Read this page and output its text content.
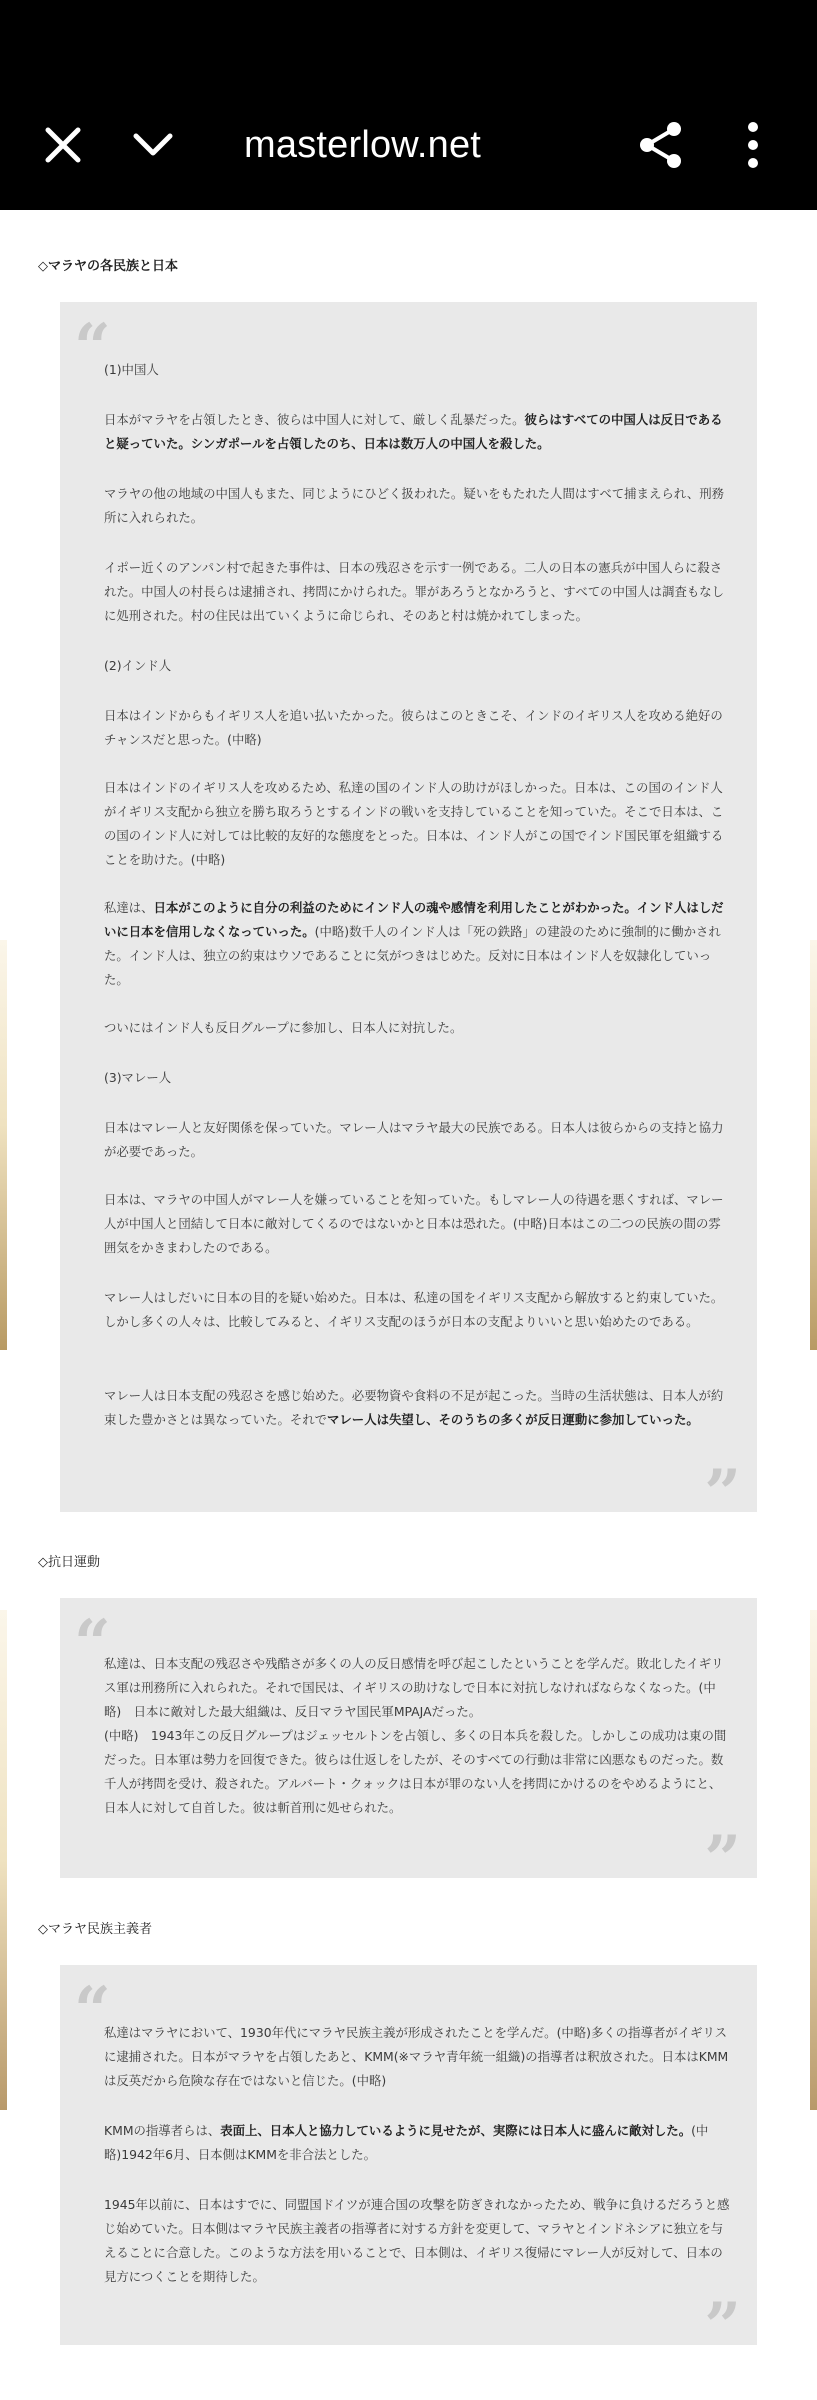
masterlow.net
◇マラヤの各民族と日本
“

(1)中国人

日本がマラヤを占領したとき、彼らは中国人に対して、厳しく乱暴だった。彼らはすべての中国人は反日であると疑っていた。シンガポールを占領したのち、日本は数万人の中国人を殺した。

マラヤの他の地域の中国人もまた、同じようにひどく扱われた。疑いをもたれた人間はすべて捕まえられ、刑務所に入れられた。

イポー近くのアンパン村で起きた事件は、日本の残忍さを示す一例である。二人の日本の憲兵が中国人らに殺された。中国人の村長らは逮捕され、拷問にかけられた。罪があろうとなかろうと、すべての中国人は調査もなしに処刑された。村の住民は出ていくように命じられ、そのあと村は焼かれてしまった。

(2)インド人

日本はインドからもイギリス人を追い払いたかった。彼らはこのときこそ、インドのイギリス人を攻める絶好のチャンスだと思った。(中略)

日本はインドのイギリス人を攻めるため、私達の国のインド人の助けがほしかった。日本は、この国のインド人がイギリス支配から独立を勝ち取ろうとするインドの戦いを支持していることを知っていた。そこで日本は、この国のインド人に対しては比較的友好的な態度をとった。日本は、インド人がこの国でインド国民軍を組織することを助けた。(中略)

私達は、日本がこのように自分の利益のためにインド人の魂や感情を利用したことがわかった。インド人はしだいに日本を信用しなくなっていった。(中略)数千人のインド人は「死の鉄路」の建設のために強制的に働かされた。インド人は、独立の約束はウソであることに気がつきはじめた。反対に日本はインド人を奴隷化していった。

ついにはインド人も反日グループに参加し、日本人に対抗した。

(3)マレー人

日本はマレー人と友好関係を保っていた。マレー人はマラヤ最大の民族である。日本人は彼らからの支持と協力が必要であった。

日本は、マラヤの中国人がマレー人を嫌っていることを知っていた。もしマレー人の待遇を悪くすれば、マレー人が中国人と団結して日本に敵対してくるのではないかと日本は恐れた。(中略)日本はこの二つの民族の間の雰囲気をかきまわしたのである。

マレー人はしだいに日本の目的を疑い始めた。日本は、私達の国をイギリス支配から解放すると約束していた。しかし多くの人々は、比較してみると、イギリス支配のほうが日本の支配よりいいと思い始めたのである。

マレー人は日本支配の残忍さを感じ始めた。必要物資や食料の不足が起こった。当時の生活状態は、日本人が約束した豊かさとは異なっていた。それでマレー人は失望し、そのうちの多くが反日運動に参加していった。

”
◇抗日運動
“

私達は、日本支配の残忍さや残酷さが多くの人の反日感情を呼び起こしたということを学んだ。敗北したイギリス軍は刑務所に入れられた。それで国民は、イギリスの助けなしで日本に対抗しなければならなくなった。(中略)　日本に敵対した最大組織は、反日マラヤ国民軍MPAJAだった。

(中略)　1943年この反日グループはジェッセルトンを占領し、多くの日本兵を殺した。しかしこの成功は東の間だった。日本軍は勢力を回復できた。彼らは仕返しをしたが、そのすべての行動は非常に凶悪なものだった。数千人が拷問を受け、殺された。アルバート・クォックは日本が罪のない人を拷問にかけるのをやめるようにと、日本人に対して自首した。彼は斬首刑に処せられた。

”
◇マラヤ民族主義者
“

私達はマラヤにおいて、1930年代にマラヤ民族主義が形成されたことを学んだ。(中略)多くの指導者がイギリスに逮捕された。日本がマラヤを占領したあと、KMM(※マラヤ青年統一組織)の指導者は釈放された。日本はKMMは反英だから危険な存在ではないと信じた。(中略)

KMMの指導者らは、表面上、日本人と協力しているように見せたが、実際には日本人に盛んに敵対した。(中略)1942年6月、日本側はKMMを非合法とした。

1945年以前に、日本はすでに、同盟国ドイツが連合国の攻撃を防ぎきれなかったため、戦争に負けるだろうと感じ始めていた。日本側はマラヤ民族主義者の指導者に対する方針を変更して、マラヤとインドネシアに独立を与えることに合意した。このような方法を用いることで、日本側は、イギリス復帰にマレー人が反対して、日本の見方につくことを期待した。

”
